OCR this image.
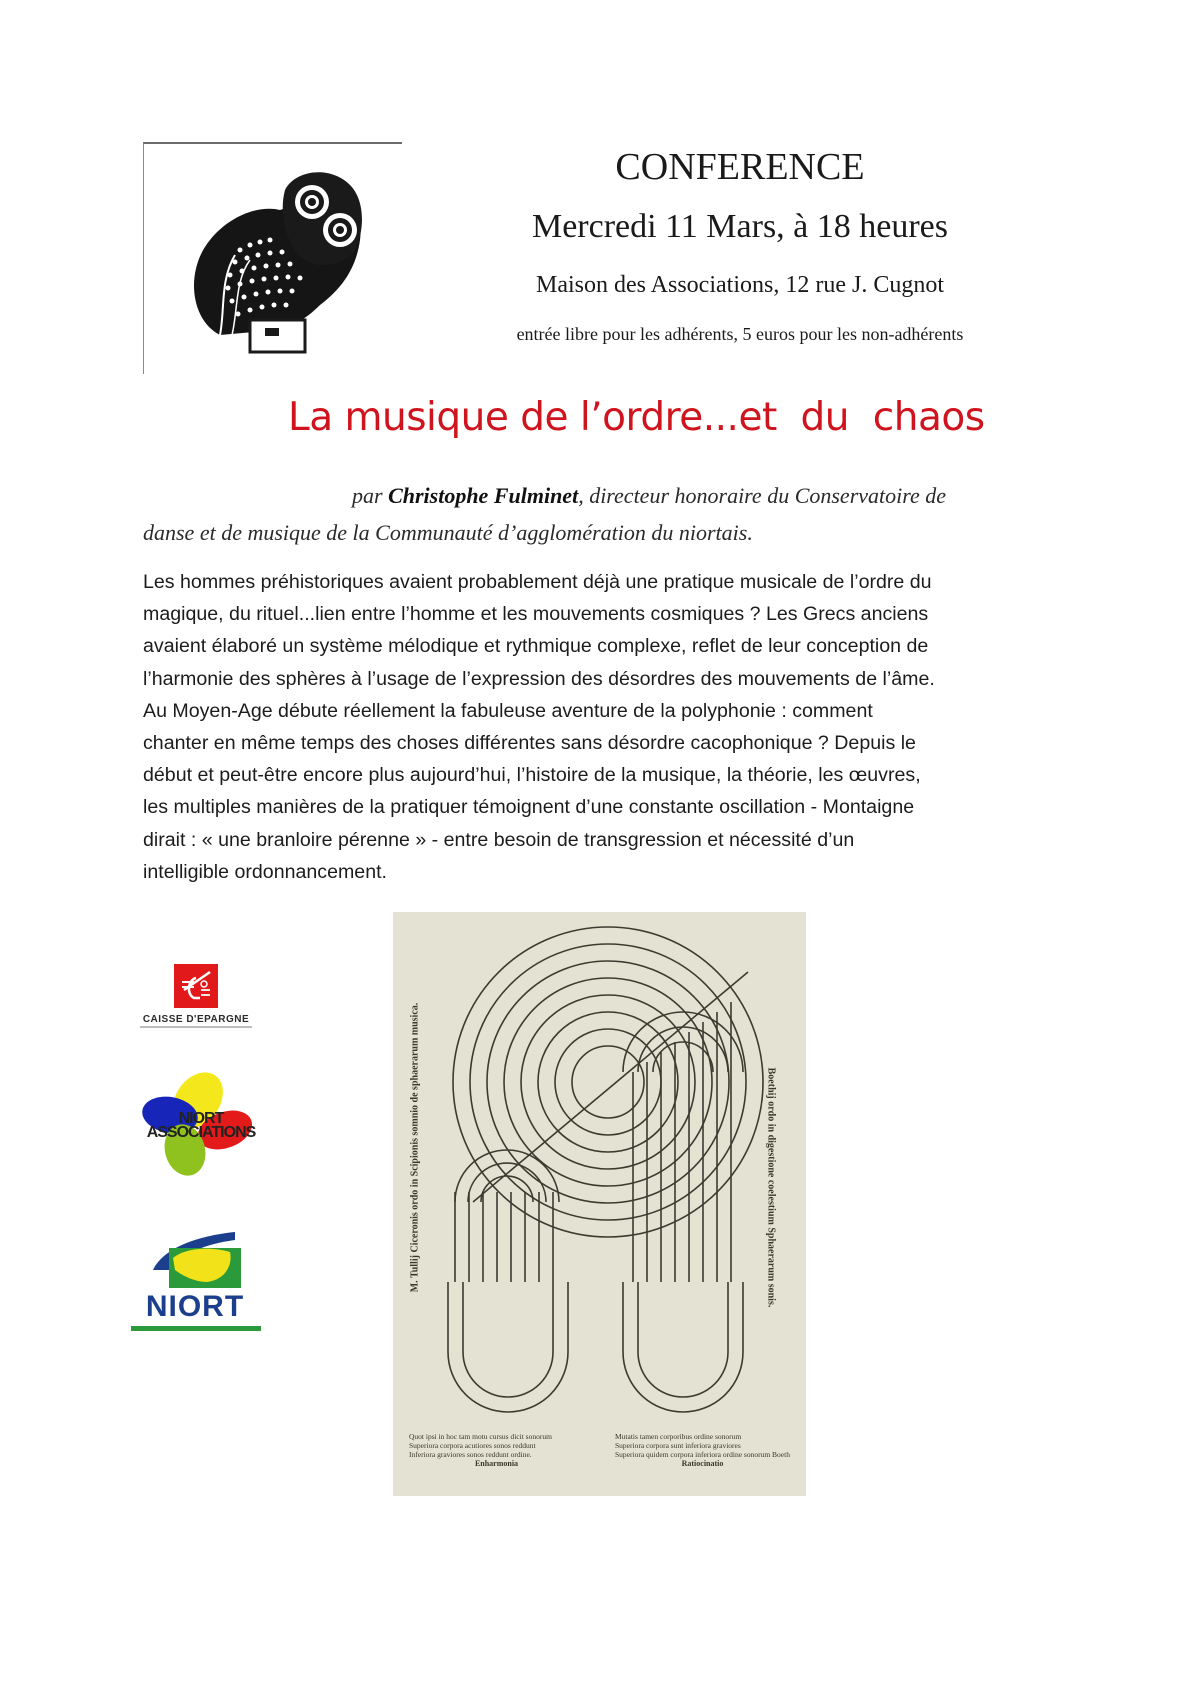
CONFERENCE
Mercredi 11 Mars, à 18 heures
Maison des Associations, 12 rue J. Cugnot
entrée libre pour les adhérents, 5 euros pour les non-adhérents
La musique de l’ordre...et  du  chaos
par Christophe Fulminet, directeur honoraire du Conservatoire de
danse et de musique de la Communauté d’agglomération du niortais.
Les hommes préhistoriques avaient probablement déjà une pratique musicale de l’ordre du
magique, du rituel...lien entre l’homme et les mouvements cosmiques ? Les Grecs anciens
avaient élaboré un système mélodique et rythmique complexe, reflet de leur conception de
l’harmonie des sphères à l’usage de l’expression des désordres des mouvements de l’âme.
Au Moyen-Age débute réellement la fabuleuse aventure de la polyphonie : comment
chanter en même temps des choses différentes sans désordre cacophonique ? Depuis le
début et peut-être encore plus aujourd’hui, l’histoire de la musique, la théorie, les œuvres,
les multiples manières de la pratiquer témoignent d’une constante oscillation - Montaigne
dirait : « une branloire pérenne » - entre besoin de transgression et nécessité d’un
intelligible ordonnancement.
CAISSE D'EPARGNE
NIORT
ASSOCIATIONS
NIORT
M. Tullij Ciceronis ordo in Scipionis somnio de sphaerarum musica.	Boethij ordo in digestione coelestium Sphaerarum sonis.
Quot ipsi in hoc tam motu cursus dicit sonorum
Superiora corpora acutiores sonos reddunt
Inferiora graviores sonos reddunt ordine.
Enharmonia
Mutatis tamen corporibus ordine sonorum
Superiora corpora sunt inferiora graviores
Superiora quidem corpora inferiora ordine sonorum Boeth
Ratiocinatio
